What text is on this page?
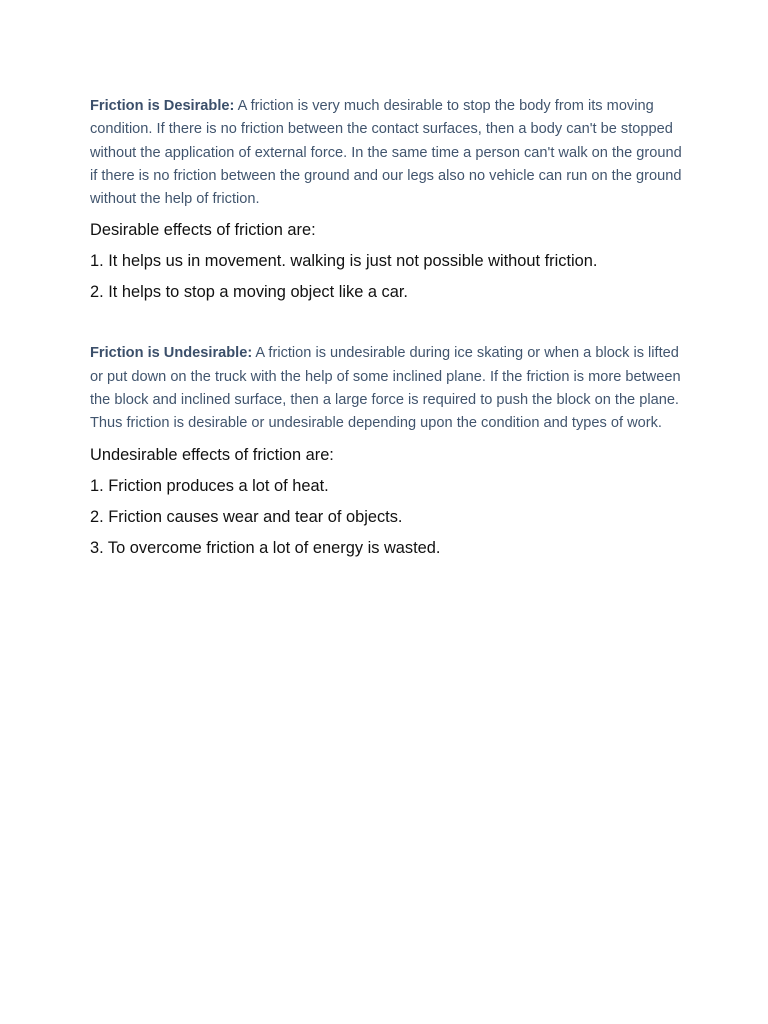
Friction is Desirable: A friction is very much desirable to stop the body from its moving condition. If there is no friction between the contact surfaces, then a body can't be stopped without the application of external force. In the same time a person can't walk on the ground if there is no friction between the ground and our legs also no vehicle can run on the ground without the help of friction.

Desirable effects of friction are:

1. It helps us in movement. walking is just not possible without friction.

2. It helps to stop a moving object like a car.

Friction is Undesirable: A friction is undesirable during ice skating or when a block is lifted or put down on the truck with the help of some inclined plane. If the friction is more between the block and inclined surface, then a large force is required to push the block on the plane. Thus friction is desirable or undesirable depending upon the condition and types of work.

Undesirable effects of friction are:

1. Friction produces a lot of heat.

2. Friction causes wear and tear of objects.

3. To overcome friction a lot of energy is wasted.
